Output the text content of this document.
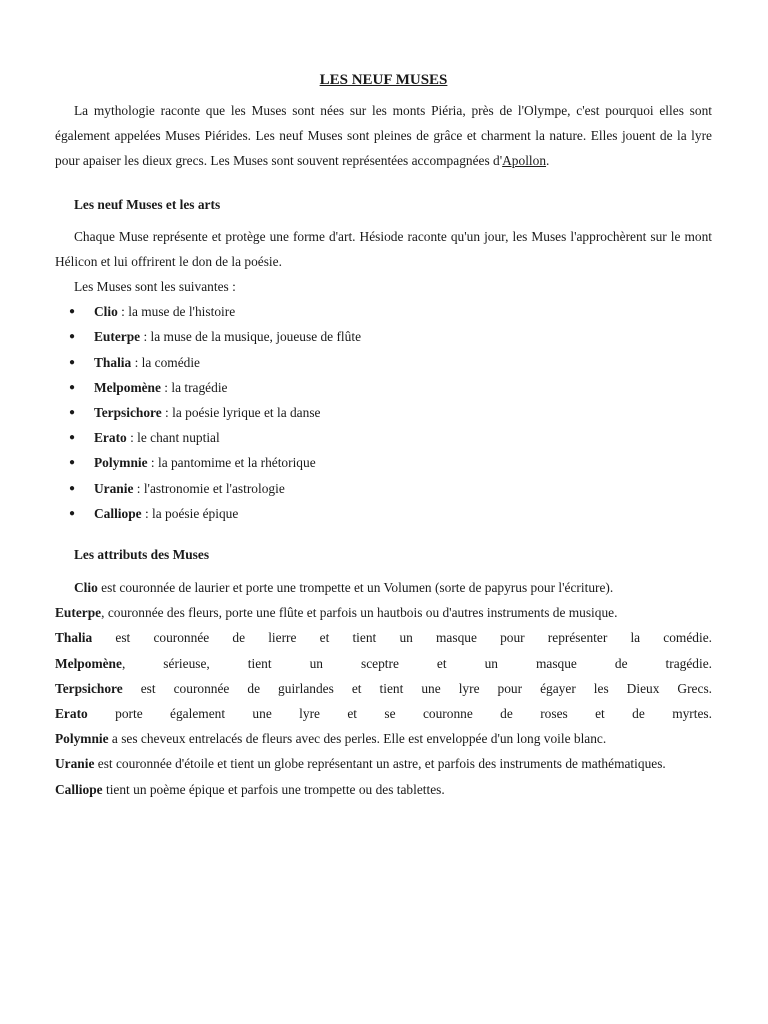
LES NEUF MUSES

La mythologie raconte que les Muses sont nées sur les monts Piéria, près de l'Olympe, c'est pourquoi elles sont également appelées Muses Piérides. Les neuf Muses sont pleines de grâce et charment la nature. Elles jouent de la lyre pour apaiser les dieux grecs. Les Muses sont souvent représentées accompagnées d'Apollon.

Les neuf Muses et les arts

Chaque Muse représente et protège une forme d'art. Hésiode raconte qu'un jour, les Muses l'approchèrent sur le mont Hélicon et lui offrirent le don de la poésie.

Les Muses sont les suivantes :

● Clio : la muse de l'histoire
● Euterpe : la muse de la musique, joueuse de flûte
● Thalia : la comédie
● Melpomène : la tragédie
● Terpsichore : la poésie lyrique et la danse
● Erato : le chant nuptial
● Polymnie : la pantomime et la rhétorique
● Uranie : l'astronomie et l'astrologie
● Calliope : la poésie épique
Les attributs des Muses

Clio est couronnée de laurier et porte une trompette et un Volumen (sorte de papyrus pour l'écriture).

Euterpe, couronnée des fleurs, porte une flûte et parfois un hautbois ou d'autres instruments de musique.

Thalia est couronnée de lierre et tient un masque pour représenter la comédie.

Melpomène, sérieuse, tient un sceptre et un masque de tragédie.

Terpsichore est couronnée de guirlandes et tient une lyre pour égayer les Dieux Grecs.

Erato porte également une lyre et se couronne de roses et de myrtes.

Polymnie a ses cheveux entrelacés de fleurs avec des perles. Elle est enveloppée d'un long voile blanc.

Uranie est couronnée d'étoile et tient un globe représentant un astre, et parfois des instruments de mathématiques.

Calliope tient un poème épique et parfois une trompette ou des tablettes.
